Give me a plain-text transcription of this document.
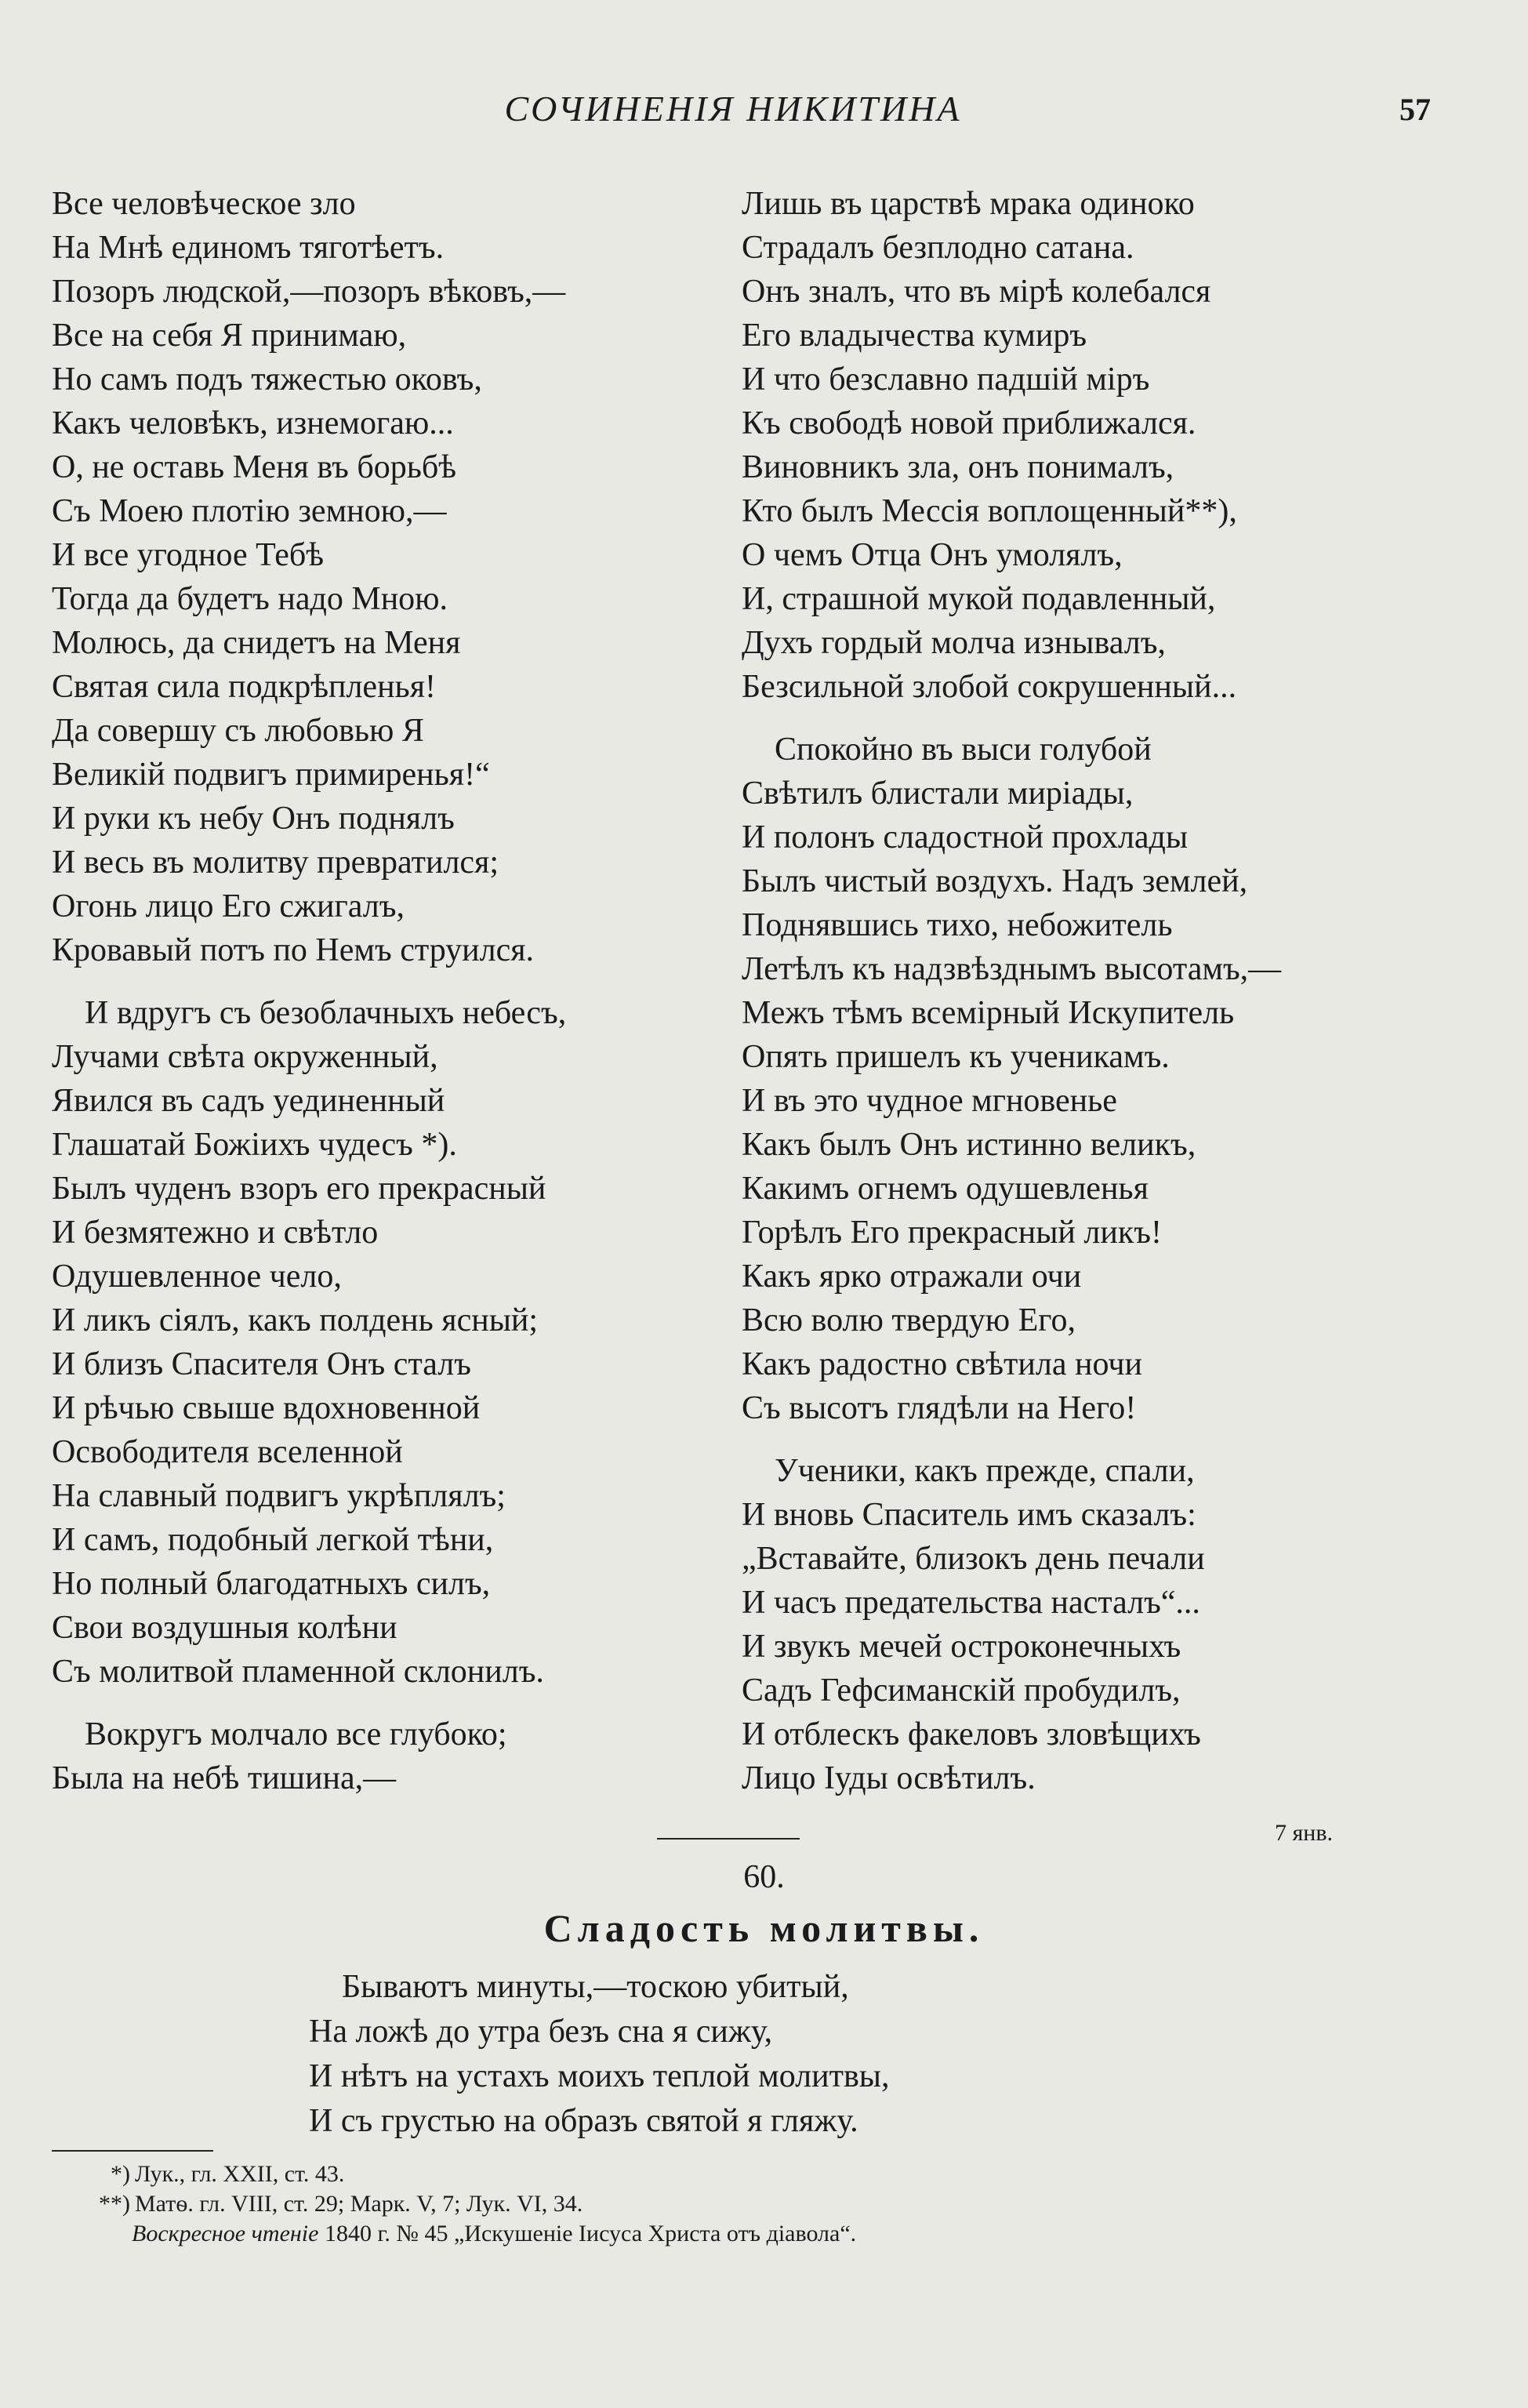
СОЧИНЕНІЯ НИКИТИНА	57
Все человѣческое зло
На Мнѣ единомъ тяготѣетъ.
Позоръ людской,—позоръ вѣковъ,—
Все на себя Я принимаю,
Но самъ подъ тяжестью оковъ,
Какъ человѣкъ, изнемогаю...
О, не оставь Меня въ борьбѣ
Съ Моею плотію земною,—
И все угодное Тебѣ
Тогда да будетъ надо Мною.
Молюсь, да снидетъ на Меня
Святая сила подкрѣпленья!
Да совершу съ любовью Я
Великій подвигъ примиренья!“
И руки къ небу Онъ поднялъ
И весь въ молитву превратился;
Огонь лицо Его сжигалъ,
Кровавый потъ по Немъ струился.
И вдругъ съ безоблачныхъ небесъ,
Лучами свѣта окруженный,
Явился въ садъ уединенный
Глашатай Божіихъ чудесъ *).
Былъ чуденъ взоръ его прекрасный
И безмятежно и свѣтло
Одушевленное чело,
И ликъ сіялъ, какъ полдень ясный;
И близъ Спасителя Онъ сталъ
И рѣчью свыше вдохновенной
Освободителя вселенной
На славный подвигъ укрѣплялъ;
И самъ, подобный легкой тѣни,
Но полный благодатныхъ силъ,
Свои воздушныя колѣни
Съ молитвой пламенной склонилъ.
Вокругъ молчало все глубоко;
Была на небѣ тишина,—
Лишь въ царствѣ мрака одиноко
Страдалъ безплодно сатана.
Онъ зналъ, что въ мірѣ колебался
Его владычества кумиръ
И что безславно падшій міръ
Къ свободѣ новой приближался.
Виновникъ зла, онъ понималъ,
Кто былъ Мессія воплощенный**),
О чемъ Отца Онъ умолялъ,
И, страшной мукой подавленный,
Духъ гордый молча изнывалъ,
Безсильной злобой сокрушенный...
Спокойно въ выси голубой
Свѣтилъ блистали миріады,
И полонъ сладостной прохлады
Былъ чистый воздухъ. Надъ землей,
Поднявшись тихо, небожитель
Летѣлъ къ надзвѣзднымъ высотамъ,—
Межъ тѣмъ всемірный Искупитель
Опять пришелъ къ ученикамъ.
И въ это чудное мгновенье
Какъ былъ Онъ истинно великъ,
Какимъ огнемъ одушевленья
Горѣлъ Его прекрасный ликъ!
Какъ ярко отражали очи
Всю волю твердую Его,
Какъ радостно свѣтила ночи
Съ высотъ глядѣли на Него!
Ученики, какъ прежде, спали,
И вновь Спаситель имъ сказалъ:
„Вставайте, близокъ день печали
И часъ предательства насталъ“...
И звукъ мечей остроконечныхъ
Садъ Гефсиманскій пробудилъ,
И отблескъ факеловъ зловѣщихъ
Лицо Іуды освѣтилъ.
7 янв.
60.
Сладость молитвы.
Бываютъ минуты,—тоскою убитый,
На ложѣ до утра безъ сна я сижу,
И нѣтъ на устахъ моихъ теплой молитвы,
И съ грустью на образъ святой я гляжу.
*) Лук., гл. XXII, ст. 43.
**) Матѳ. гл. VIII, ст. 29; Марк. V, 7; Лук. VI, 34.
Воскресное чтеніе 1840 г. № 45 „Искушеніе Іисуса Христа отъ діавола“.
